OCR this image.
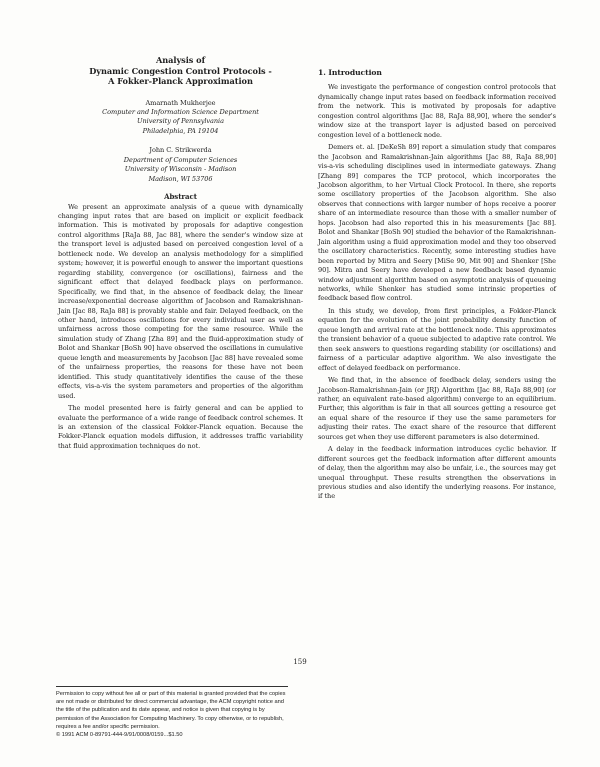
Analysis of

Dynamic Congestion Control Protocols -

A Fokker-Planck Approximation

Amarnath Mukherjee

Computer and Information Science Department

University of Pennsylvania

Philadelphia, PA 19104

John C. Strikwerda

Department of Computer Sciences

University of Wisconsin - Madison

Madison, WI 53706

Abstract

We present an approximate analysis of a queue with dynamically changing input rates that are based on implicit or explicit feedback information. This is motivated by proposals for adaptive congestion control algorithms [RaJa 88, Jac 88], where the sender's window size at the transport level is adjusted based on perceived congestion level of a bottleneck node. We develop an analysis methodology for a simplified system; however, it is powerful enough to answer the important questions regarding stability, convergence (or oscillations), fairness and the significant effect that delayed feedback plays on performance. Specifically, we find that, in the absence of feedback delay, the linear increase/exponential decrease algorithm of Jacobson and Ramakrishnan-Jain [Jac 88, RaJa 88] is provably stable and fair. Delayed feedback, on the other hand, introduces oscillations for every individual user as well as unfairness across those competing for the same resource. While the simulation study of Zhang [Zha 89] and the fluid-approximation study of Bolot and Shankar [BoSh 90] have observed the oscillations in cumulative queue length and measurements by Jacobson [Jac 88] have revealed some of the unfairness properties, the reasons for these have not been identified. This study quantitatively identifies the cause of the these effects, vis-a-vis the system parameters and properties of the algorithm used.

The model presented here is fairly general and can be applied to evaluate the performance of a wide range of feedback control schemes. It is an extension of the classical Fokker-Planck equation. Because the Fokker-Planck equation models diffusion, it addresses traffic variability that fluid approximation techniques do not.

1. Introduction

We investigate the performance of congestion control protocols that dynamically change input rates based on feedback information received from the network. This is motivated by proposals for adaptive congestion control algorithms [Jac 88, RaJa 88,90], where the sender's window size at the transport layer is adjusted based on perceived congestion level of a bottleneck node.

Demers et. al. [DeKeSh 89] report a simulation study that compares the Jacobson and Ramakrishnan-Jain algorithms [Jac 88, RaJa 88,90] vis-a-vis scheduling disciplines used in intermediate gateways. Zhang [Zhang 89] compares the TCP protocol, which incorporates the Jacobson algorithm, to her Virtual Clock Protocol. In there, she reports some oscillatory properties of the Jacobson algorithm. She also observes that connections with larger number of hops receive a poorer share of an intermediate resource than those with a smaller number of hops. Jacobson had also reported this in his measurements [Jac 88]. Bolot and Shankar [BoSh 90] studied the behavior of the Ramakrishnan-Jain algorithm using a fluid approximation model and they too observed the oscillatory characteristics. Recently, some interesting studies have been reported by Mitra and Seery [MiSe 90, Mit 90] and Shenker [She 90]. Mitra and Seery have developed a new feedback based dynamic window adjustment algorithm based on asymptotic analysis of queueing networks, while Shenker has studied some intrinsic properties of feedback based flow control.

In this study, we develop, from first principles, a Fokker-Planck equation for the evolution of the joint probability density function of queue length and arrival rate at the bottleneck node. This approximates the transient behavior of a queue subjected to adaptive rate control. We then seek answers to questions regarding stability (or oscillations) and fairness of a particular adaptive algorithm. We also investigate the effect of delayed feedback on performance.

We find that, in the absence of feedback delay, senders using the Jacobson-Ramakrishnan-Jain (or JRJ) Algorithm [Jac 88, RaJa 88,90] (or rather, an equivalent rate-based algorithm) converge to an equilibrium. Further, this algorithm is fair in that all sources getting a resource get an equal share of the resource if they use the same parameters for adjusting their rates. The exact share of the resource that different sources get when they use different parameters is also determined.

A delay in the feedback information introduces cyclic behavior. If different sources get the feedback information after different amounts of delay, then the algorithm may also be unfair, i.e., the sources may get unequal throughput. These results strengthen the observations in previous studies and also identify the underlying reasons. For instance, if the

159

Permission to copy without fee all or part of this material is granted provided that the copies are not made or distributed for direct commercial advantage, the ACM copyright notice and the title of the publication and its date appear, and notice is given that copying is by permission of the Association for Computing Machinery. To copy otherwise, or to republish, requires a fee and/or specific permission.

© 1991 ACM 0-89791-444-9/91/0008/0159...$1.50
